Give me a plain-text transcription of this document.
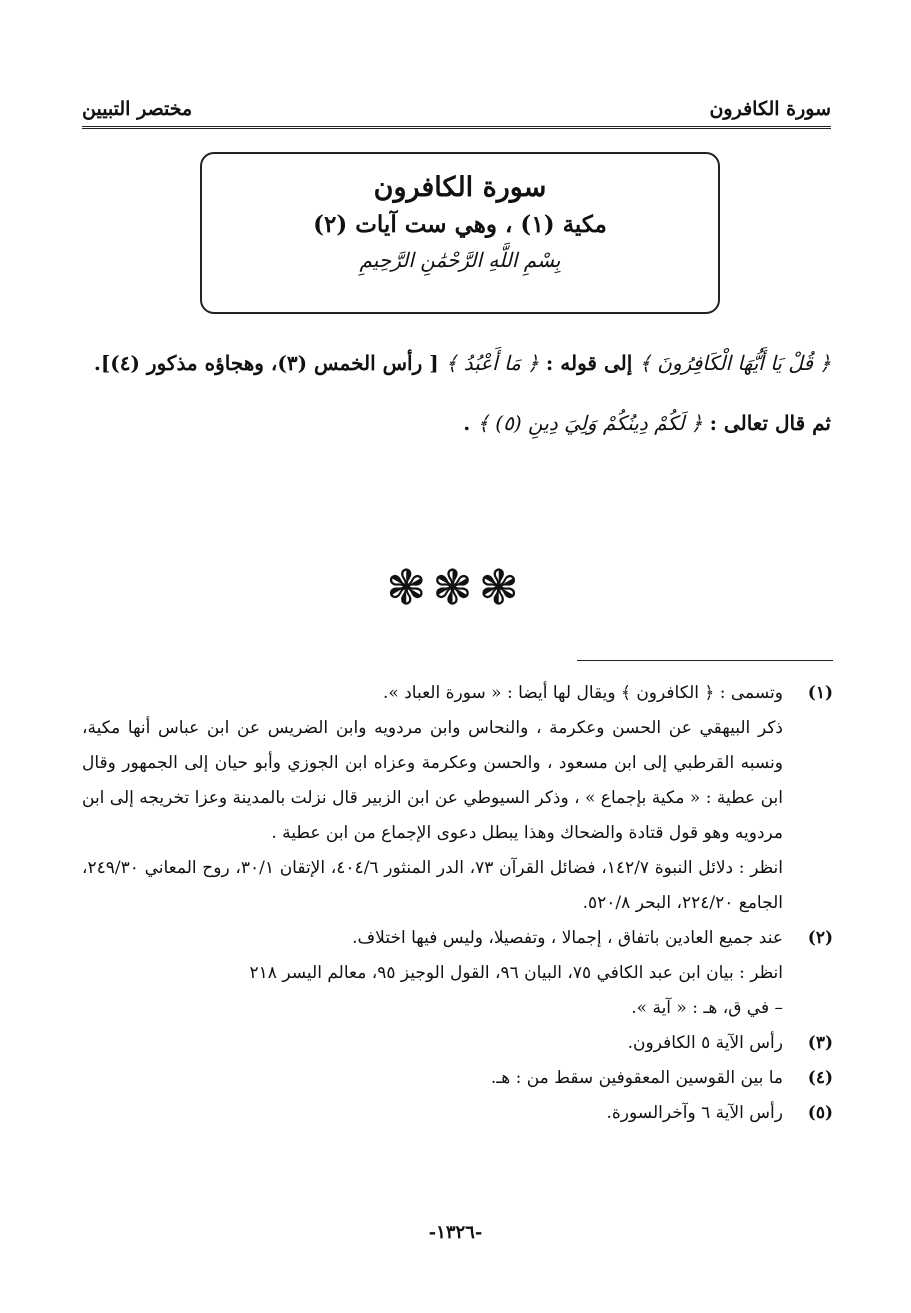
سورة الكافرون
مختصر التبيين
سورة الكافرون
مكية (١) ، وهي ست آيات (٢)
بِسْمِ اللَّهِ الرَّحْمَٰنِ الرَّحِيمِ

﴿ قُلْ يَا أَيُّهَا الْكَافِرُونَ ﴾ إلى قوله : ﴿ مَا أَعْبُدُ ﴾ [ رأس الخمس (٣)، وهجاؤه مذكور (٤)].

ثم قال تعالى : ﴿ لَكُمْ دِينُكُمْ وَلِيَ دِينِ (٥) ﴾ .

❃❃❃
(١)

وتسمى : ﴿ الكافرون ﴾ ويقال لها أيضا : « سورة العباد ».

ذكر البيهقي عن الحسن وعكرمة ، والنحاس وابن مردويه وابن الضريس عن ابن عباس أنها مكية، ونسبه القرطبي إلى ابن مسعود ، والحسن وعكرمة وعزاه ابن الجوزي وأبو حيان إلى الجمهور وقال ابن عطية : « مكية بإجماع » ، وذكر السيوطي عن ابن الزبير قال نزلت بالمدينة وعزا تخريجه إلى ابن مردويه وهو قول قتادة والضحاك وهذا يبطل دعوى الإجماع من ابن عطية .

انظر : دلائل النبوة ١٤٢/٧، فضائل القرآن ٧٣، الدر المنثور ٤٠٤/٦، الإتقان ٣٠/١، روح المعاني ٢٤٩/٣٠، الجامع ٢٢٤/٢٠، البحر ٥٢٠/٨.

(٢)

عند جميع العادين باتفاق ، إجمالا ، وتفصيلا، وليس فيها اختلاف.

انظر : بيان ابن عبد الكافي ٧٥، البيان ٩٦، القول الوجيز ٩٥، معالم اليسر ٢١٨

– في ق، هـ : « آية ».

(٣)

رأس الآية ٥ الكافرون.

(٤)

ما بين القوسين المعقوفين سقط من : هـ.

(٥)

رأس الآية ٦ وآخرالسورة.

-١٣٢٦-
